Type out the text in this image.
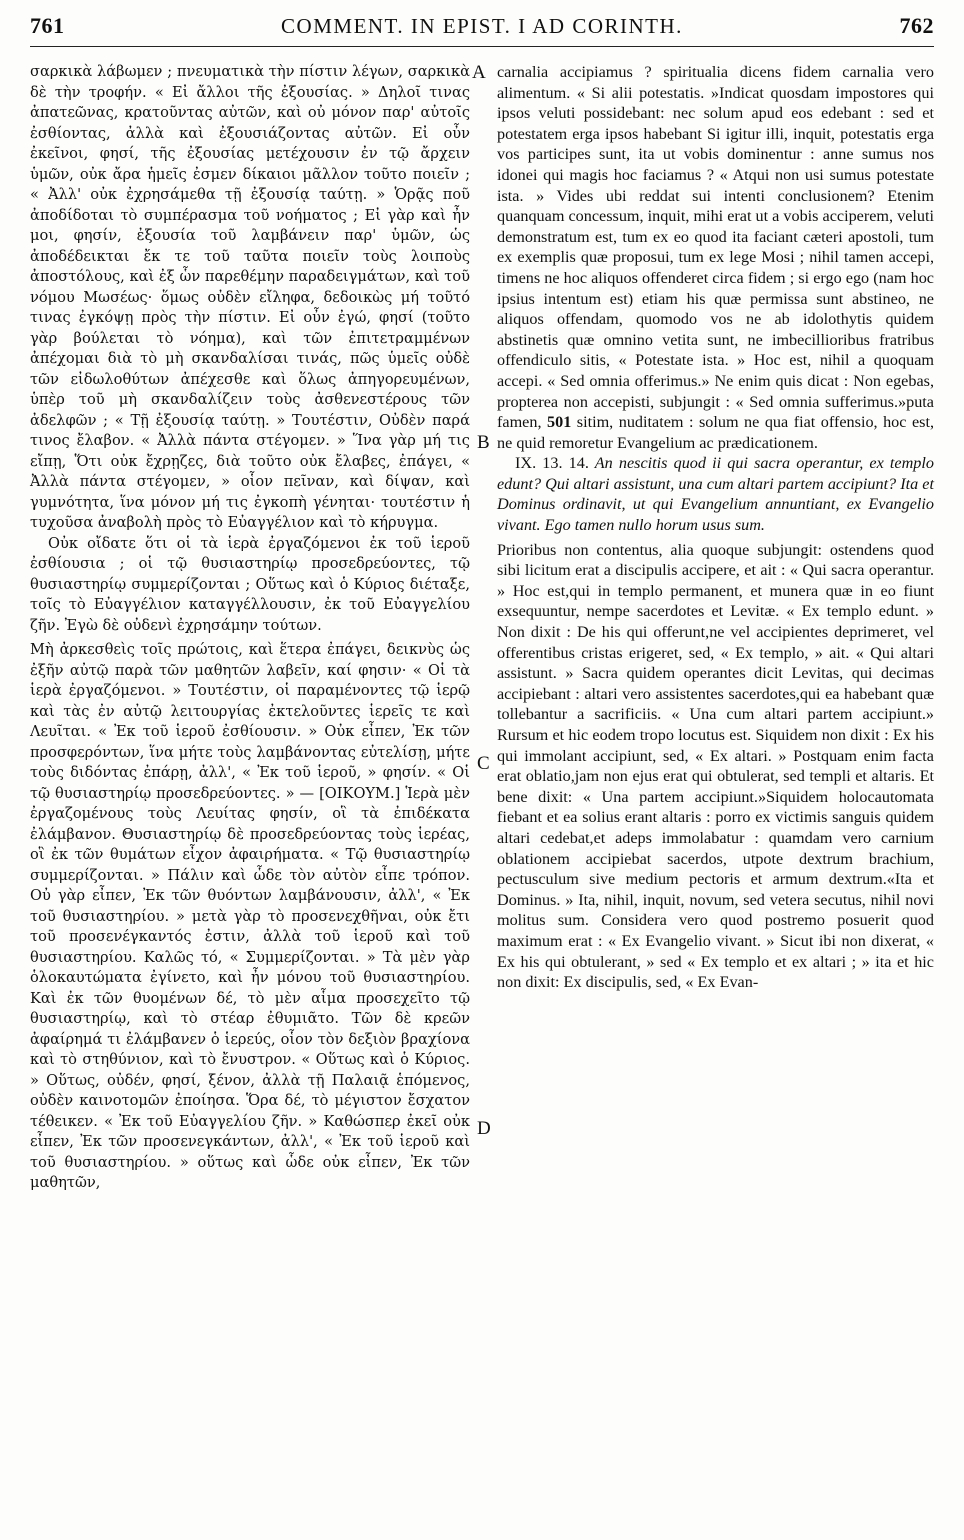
761	COMMENT. IN EPIST. I AD CORINTH.	762

σαρκικὰ λάβωμεν ; πνευματικὰ τὴν πίστιν λέγων, σαρκικὰ δὲ τὴν τροφήν. « Εἰ ἄλλοι τῆς ἐξουσίας. » Δηλοῖ τινας ἀπατεῶνας, κρατοῦντας αὐτῶν, καὶ οὐ μόνον παρ' αὐτοῖς ἐσθίοντας, ἀλλὰ καὶ ἐξουσιάζοντας αὐτῶν. Εἰ οὖν ἐκεῖνοι, φησί, τῆς ἐξουσίας μετέχουσιν ἐν τῷ ἄρχειν ὑμῶν, οὐκ ἄρα ἡμεῖς ἐσμεν δίκαιοι μᾶλλον τοῦτο ποιεῖν ; « Ἀλλ' οὐκ ἐχρησάμεθα τῇ ἐξουσίᾳ ταύτῃ. » Ὁρᾷς ποῦ ἀποδίδοται τὸ συμπέρασμα τοῦ νοήματος ; Εἰ γὰρ καὶ ἦν μοι, φησίν, ἐξουσία τοῦ λαμβάνειν παρ' ὑμῶν, ὡς ἀποδέδεικται ἔκ τε τοῦ ταῦτα ποιεῖν τοὺς λοιποὺς ἀποστόλους, καὶ ἐξ ὧν παρεθέμην παραδειγμάτων, καὶ τοῦ νόμου Μωσέως· ὅμως οὐδὲν εἴληφα, δεδοικὼς μή τοῦτό τινας ἐγκόψῃ πρὸς τὴν πίστιν. Εἰ οὖν ἐγώ, φησί (τοῦτο γὰρ βούλεται τὸ νόημα), καὶ τῶν ἐπιτετραμμένων ἀπέχομαι διὰ τὸ μὴ σκανδαλίσαι τινάς, πῶς ὑμεῖς οὐδὲ τῶν εἰδωλοθύτων ἀπέχεσθε καὶ ὅλως ἀπηγορευμένων, ὑπὲρ τοῦ μὴ σκανδαλίζειν τοὺς ἀσθενεστέρους τῶν ἀδελφῶν ; « Τῇ ἐξουσίᾳ ταύτῃ. » Τουτέστιν, Οὐδὲν παρά τινος ἔλαβον. « Ἀλλὰ πάντα στέγομεν. » Ἵνα γὰρ μή τις εἴπῃ, Ὅτι οὐκ ἔχρῃζες, διὰ τοῦτο οὐκ ἔλαβες, ἐπάγει, « Ἀλλὰ πάντα στέγομεν, » οἷον πεῖναν, καὶ δίψαν, καὶ γυμνότητα, ἵνα μόνον μή τις ἐγκοπὴ γένηται· τουτέστιν ἡ τυχοῦσα ἀναβολὴ πρὸς τὸ Εὐαγγέλιον καὶ τὸ κήρυγμα.

Οὐκ οἴδατε ὅτι οἱ τὰ ἱερὰ ἐργαζόμενοι ἐκ τοῦ ἱεροῦ ἐσθίουσια ; οἱ τῷ θυσιαστηρίῳ προσεδρεύοντες, τῷ θυσιαστηρίῳ συμμερίζονται ; Οὕτως καὶ ὁ Κύριος διέταξε, τοῖς τὸ Εὐαγγέλιον καταγγέλλουσιν, ἐκ τοῦ Εὐαγγελίου ζῆν. Ἐγὼ δὲ οὐδενὶ ἐχρησάμην τούτων.

Μὴ ἀρκεσθεὶς τοῖς πρώτοις, καὶ ἕτερα ἐπάγει, δεικνὺς ὡς ἐξῆν αὐτῷ παρὰ τῶν μαθητῶν λαβεῖν, καί φησιν· « Οἱ τὰ ἱερὰ ἐργαζόμενοι. » Τουτέστιν, οἱ παραμένοντες τῷ ἱερῷ καὶ τὰς ἐν αὐτῷ λειτουργίας ἐκτελοῦντες ἱερεῖς τε καὶ Λευῖται. « Ἐκ τοῦ ἱεροῦ ἐσθίουσιν. » Οὐκ εἶπεν, Ἐκ τῶν προσφερόντων, ἵνα μήτε τοὺς λαμβάνοντας εὐτελίσῃ, μήτε τοὺς διδόντας ἐπάρῃ, ἀλλ', « Ἐκ τοῦ ἱεροῦ, » φησίν. « Οἱ τῷ θυσιαστηρίῳ προσεδρεύοντες. » — [ΟΙΚΟΥΜ.] Ἱερὰ μὲν ἐργαζομένους τοὺς Λευίτας φησίν, οἳ τὰ ἐπιδέκατα ἐλάμβανον. Θυσιαστηρίῳ δὲ προσεδρεύοντας τοὺς ἱερέας, οἳ ἐκ τῶν θυμάτων εἶχον ἀφαιρήματα. « Τῷ θυσιαστηρίῳ συμμερίζονται. » Πάλιν καὶ ὧδε τὸν αὐτὸν εἶπε τρόπον. Οὐ γὰρ εἶπεν, Ἐκ τῶν θυόντων λαμβάνουσιν, ἀλλ', « Ἐκ τοῦ θυσιαστηρίου. » μετὰ γὰρ τὸ προσενεχθῆναι, οὐκ ἔτι τοῦ προσενέγκαντός ἐστιν, ἀλλὰ τοῦ ἱεροῦ καὶ τοῦ θυσιαστηρίου. Καλῶς τό, « Συμμερίζονται. » Τὰ μὲν γὰρ ὁλοκαυτώματα ἐγίνετο, καὶ ἦν μόνου τοῦ θυσιαστηρίου. Καὶ ἐκ τῶν θυομένων δέ, τὸ μὲν αἷμα προσεχεῖτο τῷ θυσιαστηρίῳ, καὶ τὸ στέαρ ἐθυμιᾶτο. Τῶν δὲ κρεῶν ἀφαίρημά τι ἐλάμβανεν ὁ ἱερεύς, οἷον τὸν δεξιὸν βραχίονα καὶ τὸ στηθύνιον, καὶ τὸ ἔνυστρον. « Οὕτως καὶ ὁ Κύριος. » Οὕτως, οὐδέν, φησί, ξένον, ἀλλὰ τῇ Παλαιᾷ ἑπόμενος, οὐδὲν καινοτομῶν ἐποίησα. Ὅρα δέ, τὸ μέγιστον ἔσχατον τέθεικεν. « Ἐκ τοῦ Εὐαγγελίου ζῆν. » Καθώσπερ ἐκεῖ οὐκ εἶπεν, Ἐκ τῶν προσενεγκάντων, ἀλλ', « Ἐκ τοῦ ἱεροῦ καὶ τοῦ θυσιαστηρίου. » οὕτως καὶ ὧδε οὐκ εἶπεν, Ἐκ τῶν μαθητῶν,

carnalia accipiamus ? spiritualia dicens fidem carnalia vero alimentum. « Si alii potestatis. »Indicat quosdam impostores qui ipsos veluti possidebant: nec solum apud eos edebant : sed et potestatem erga ipsos habebant Si igitur illi, inquit, potestatis erga vos participes sunt, ita ut vobis dominentur : anne sumus nos idonei qui magis hoc faciamus ? « Atqui non usi sumus potestate ista. » Vides ubi reddat sui intenti conclusionem? Etenim quanquam concessum, inquit, mihi erat ut a vobis acciperem, veluti demonstratum est, tum ex eo quod ita faciant cæteri apostoli, tum ex exemplis quæ proposui, tum ex lege Mosi ; nihil tamen accepi, timens ne hoc aliquos offenderet circa fidem ; si ergo ego (nam hoc ipsius intentum est) etiam his quæ permissa sunt abstineo, ne aliquos offendam, quomodo vos ne ab idolothytis quidem abstinetis quæ omnino vetita sunt, ne imbecillioribus fratribus offendiculo sitis, « Potestate ista. » Hoc est, nihil a quoquam accepi. « Sed omnia offerimus.» Ne enim quis dicat : Non egebas, propterea non accepisti, subjungit : « Sed omnia sufferimus.»puta famen, 501 sitim, nuditatem : solum ne qua fiat offensio, hoc est, ne quid remoretur Evangelium ac prædicationem.

IX. 13. 14. An nescitis quod ii qui sacra operantur, ex templo edunt? Qui altari assistunt, una cum altari partem accipiunt? Ita et Dominus ordinavit, ut qui Evangelium annuntiant, ex Evangelio vivant. Ego tamen nullo horum usus sum.

Prioribus non contentus, alia quoque subjungit: ostendens quod sibi licitum erat a discipulis accipere, et ait : « Qui sacra operantur. » Hoc est,qui in templo permanent, et munera quæ in eo fiunt exsequuntur, nempe sacerdotes et Levitæ. « Ex templo edunt. » Non dixit : De his qui offerunt,ne vel accipientes deprimeret, vel offerentibus cristas erigeret, sed, « Ex templo, » ait. « Qui altari assistunt. » Sacra quidem operantes dicit Levitas, qui decimas accipiebant : altari vero assistentes sacerdotes,qui ea habebant quæ tollebantur a sacrificiis. « Una cum altari partem accipiunt.» Rursum et hic eodem tropo locutus est. Siquidem non dixit : Ex his qui immolant accipiunt, sed, « Ex altari. » Postquam enim facta erat oblatio,jam non ejus erat qui obtulerat, sed templi et altaris. Et bene dixit: « Una partem accipiunt.»Siquidem holocautomata fiebant et ea solius erant altaris : porro ex victimis sanguis quidem altari cedebat,et adeps immolabatur : quamdam vero carnium oblationem accipiebat sacerdos, utpote dextrum brachium, pectusculum sive medium pectoris et armum dextrum.«Ita et Dominus. » Ita, nihil, inquit, novum, sed vetera secutus, nihil novi molitus sum. Considera vero quod postremo posuerit quod maximum erat : « Ex Evangelio vivant. » Sicut ibi non dixerat, « Ex his qui obtulerant, » sed « Ex templo et ex altari ; » ita et hic non dixit: Ex discipulis, sed, « Ex Evan-

A
B
C
D
